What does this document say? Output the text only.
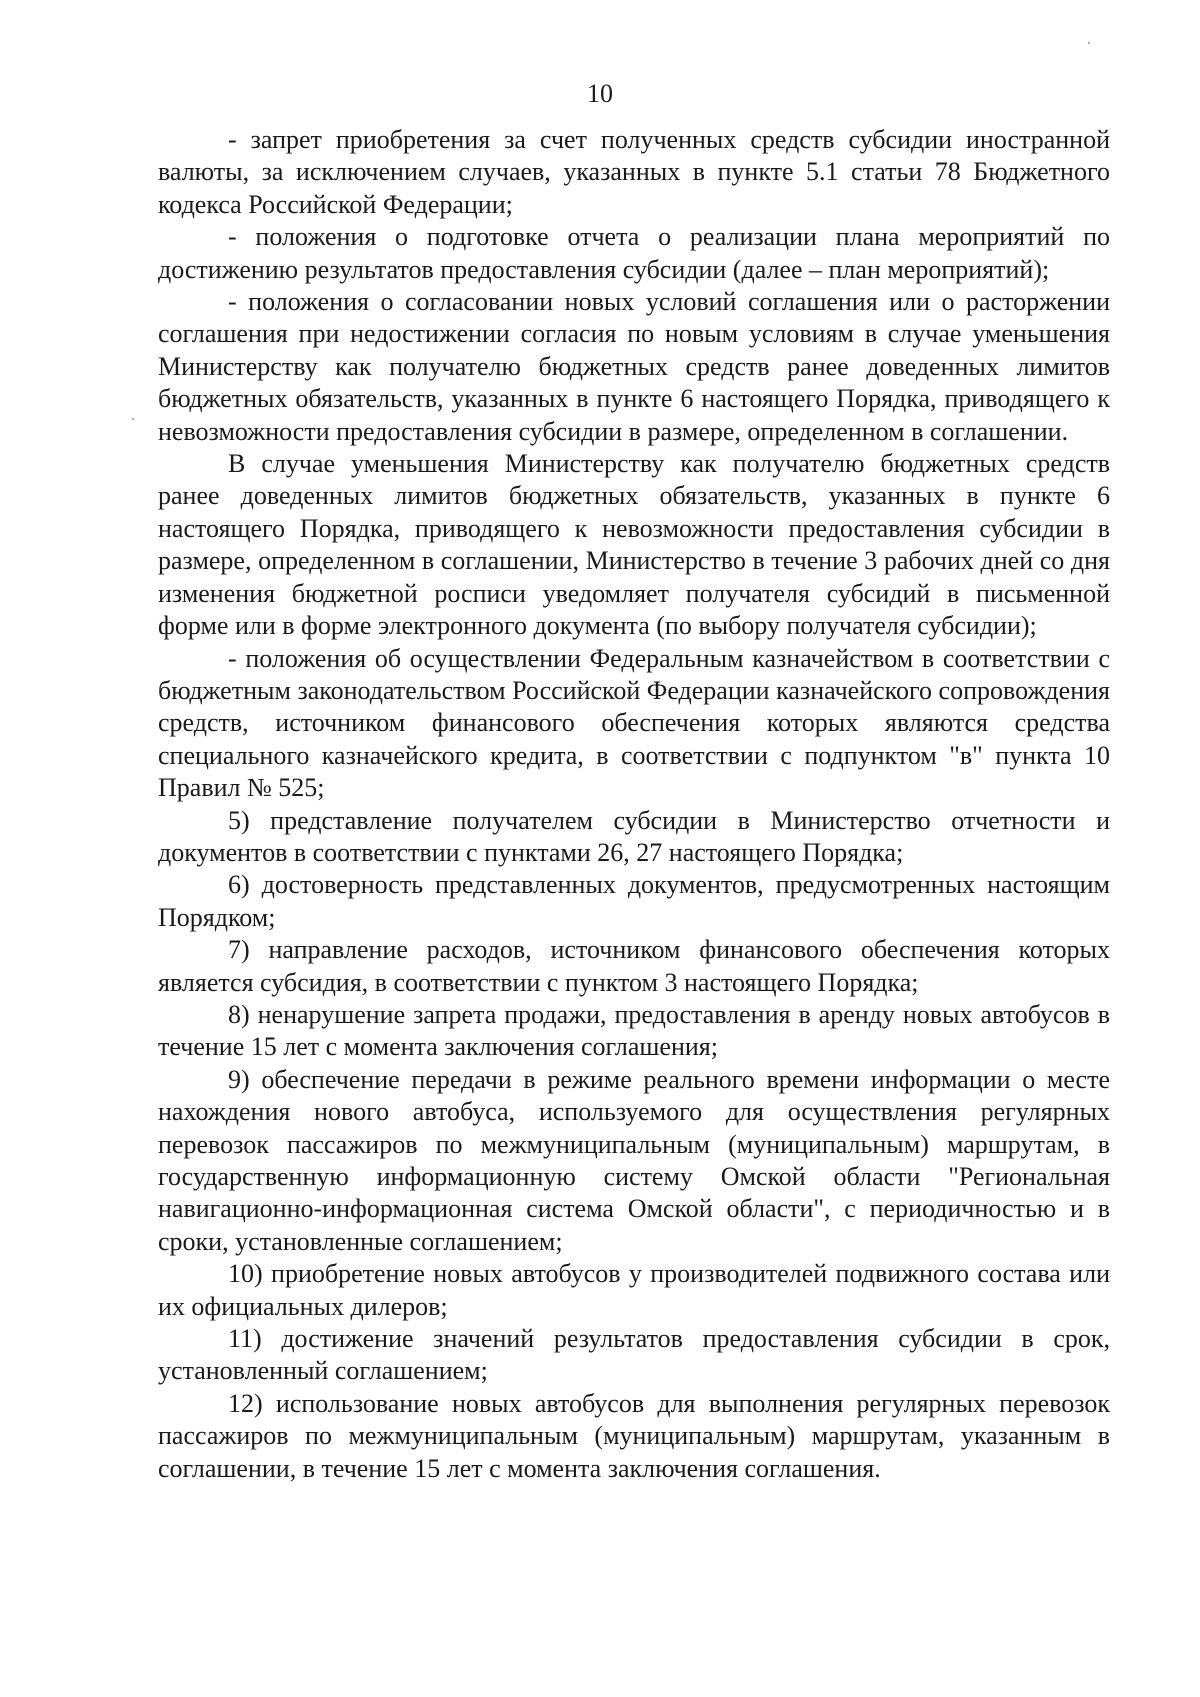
10

- запрет приобретения за счет полученных средств субсидии иностранной валюты, за исключением случаев, указанных в пункте 5.1 статьи 78 Бюджетного кодекса Российской Федерации;

- положения о подготовке отчета о реализации плана мероприятий по достижению результатов предоставления субсидии (далее – план мероприятий);

- положения о согласовании новых условий соглашения или о расторжении соглашения при недостижении согласия по новым условиям в случае уменьшения Министерству как получателю бюджетных средств ранее доведенных лимитов бюджетных обязательств, указанных в пункте 6 настоящего Порядка, приводящего к невозможности предоставления субсидии в размере, определенном в соглашении.

В случае уменьшения Министерству как получателю бюджетных средств ранее доведенных лимитов бюджетных обязательств, указанных в пункте 6 настоящего Порядка, приводящего к невозможности предоставления субсидии в размере, определенном в соглашении, Министерство в течение 3 рабочих дней со дня изменения бюджетной росписи уведомляет получателя субсидий в письменной форме или в форме электронного документа (по выбору получателя субсидии);

- положения об осуществлении Федеральным казначейством в соответствии с бюджетным законодательством Российской Федерации казначейского сопровождения средств, источником финансового обеспечения которых являются средства специального казначейского кредита, в соответствии с подпунктом "в" пункта 10 Правил № 525;

5) представление получателем субсидии в Министерство отчетности и документов в соответствии с пунктами 26, 27 настоящего Порядка;

6) достоверность представленных документов, предусмотренных настоящим Порядком;

7) направление расходов, источником финансового обеспечения которых является субсидия, в соответствии с пунктом 3 настоящего Порядка;

8) ненарушение запрета продажи, предоставления в аренду новых автобусов в течение 15 лет с момента заключения соглашения;

9) обеспечение передачи в режиме реального времени информации о месте нахождения нового автобуса, используемого для осуществления регулярных перевозок пассажиров по межмуниципальным (муниципальным) маршрутам, в государственную информационную систему Омской области "Региональная навигационно-информационная система Омской области", с периодичностью и в сроки, установленные соглашением;

10) приобретение новых автобусов у производителей подвижного состава или их официальных дилеров;

11) достижение значений результатов предоставления субсидии в срок, установленный соглашением;

12) использование новых автобусов для выполнения регулярных перевозок пассажиров по межмуниципальным (муниципальным) маршрутам, указанным в соглашении, в течение 15 лет с момента заключения соглашения.
